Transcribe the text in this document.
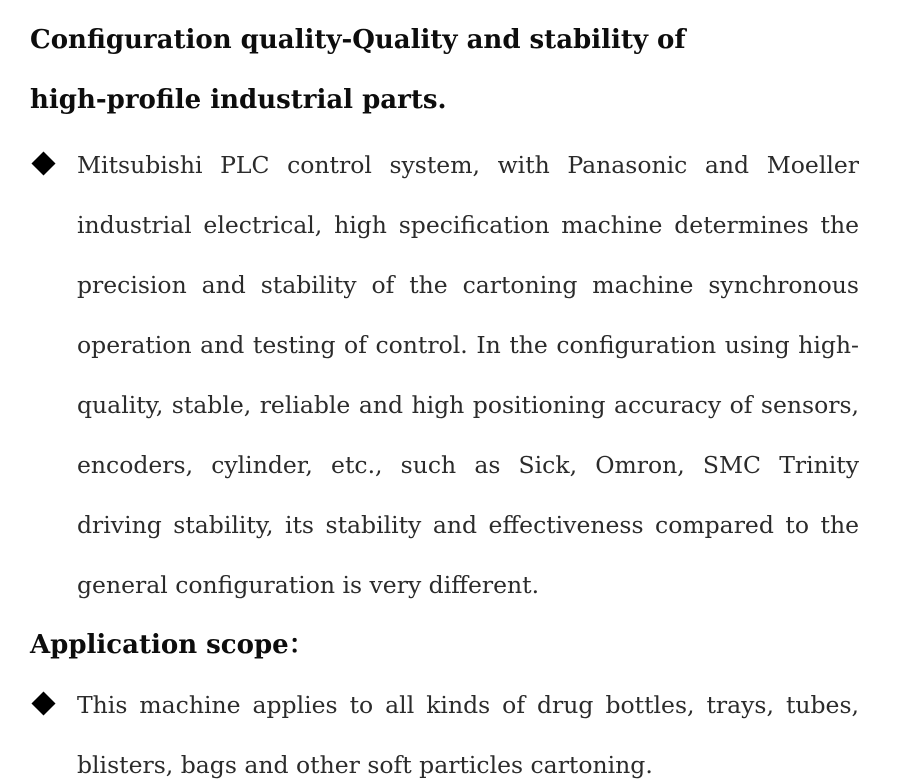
Configuration quality-Quality and stability of
high-profile industrial parts.

Mitsubishi PLC control system, with Panasonic and Moeller industrial electrical, high specification machine determines the precision and stability of the cartoning machine synchronous operation and testing of control. In the configuration using high-quality, stable, reliable and high positioning accuracy of sensors, encoders, cylinder, etc., such as Sick, Omron, SMC Trinity driving stability, its stability and effectiveness compared to the general configuration is very different.

Application scope：

This machine applies to all kinds of drug bottles, trays, tubes, blisters, bags and other soft particles cartoning.
